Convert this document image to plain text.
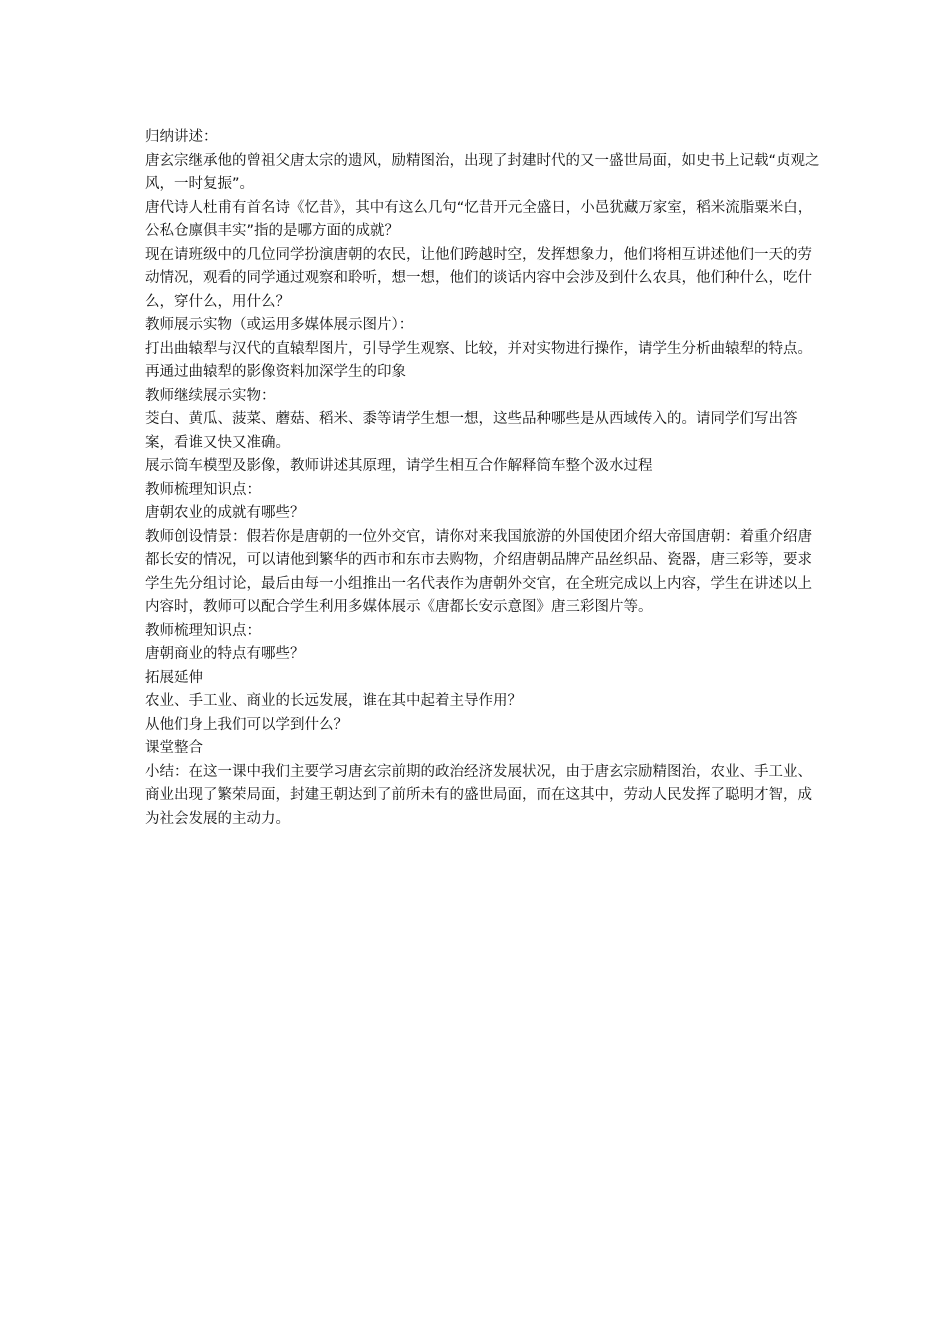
归纳讲述：

唐玄宗继承他的曾祖父唐太宗的遗风，励精图治，出现了封建时代的又一盛世局面，如史书上记载“贞观之风，一时复振”。

唐代诗人杜甫有首名诗《忆昔》，其中有这么几句“忆昔开元全盛日，小邑犹藏万家室，稻米流脂粟米白，公私仓廪俱丰实”指的是哪方面的成就？

现在请班级中的几位同学扮演唐朝的农民，让他们跨越时空，发挥想象力，他们将相互讲述他们一天的劳动情况，观看的同学通过观察和聆听，想一想，他们的谈话内容中会涉及到什么农具，他们种什么，吃什么，穿什么，用什么？

教师展示实物（或运用多媒体展示图片）：

打出曲辕犁与汉代的直辕犁图片，引导学生观察、比较，并对实物进行操作，请学生分析曲辕犁的特点。

再通过曲辕犁的影像资料加深学生的印象

教师继续展示实物：

茭白、黄瓜、菠菜、蘑菇、稻米、黍等请学生想一想，这些品种哪些是从西域传入的。请同学们写出答案，看谁又快又准确。

展示筒车模型及影像，教师讲述其原理，请学生相互合作解释筒车整个汲水过程

教师梳理知识点：

唐朝农业的成就有哪些？

教师创设情景：假若你是唐朝的一位外交官，请你对来我国旅游的外国使团介绍大帝国唐朝：着重介绍唐都长安的情况，可以请他到繁华的西市和东市去购物，介绍唐朝品牌产品丝织品、瓷器，唐三彩等，要求学生先分组讨论，最后由每一小组推出一名代表作为唐朝外交官，在全班完成以上内容，学生在讲述以上内容时，教师可以配合学生利用多媒体展示《唐都长安示意图》唐三彩图片等。

教师梳理知识点：

唐朝商业的特点有哪些？

拓展延伸

农业、手工业、商业的长远发展，谁在其中起着主导作用？

从他们身上我们可以学到什么？

课堂整合

小结：在这一课中我们主要学习唐玄宗前期的政治经济发展状况，由于唐玄宗励精图治，农业、手工业、商业出现了繁荣局面，封建王朝达到了前所未有的盛世局面，而在这其中，劳动人民发挥了聪明才智，成为社会发展的主动力。
